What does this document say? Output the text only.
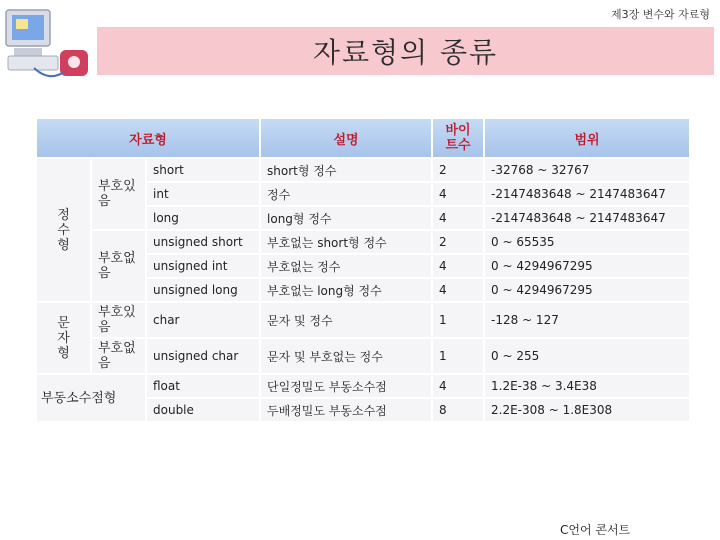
제3장 변수와 자료형
자료형의 종류
자료형			설명	바이트수	범위
정 수 형	부호있음	short	short형 정수	2	-32768 ~ 32767
		int	정수	4	-2147483648 ~ 2147483647
		long	long형 정수	4	-2147483648 ~ 2147483647
	부호없음	unsigned short	부호없는 short형 정수	2	0 ~ 65535
		unsigned int	부호없는 정수	4	0 ~ 4294967295
		unsigned long	부호없는 long형 정수	4	0 ~ 4294967295
문 자 형	부호있음	char	문자 및 정수	1	-128 ~ 127
	부호없음	unsigned char	문자 및 부호없는 정수	1	0 ~ 255
부동소수점형		float	단일정밀도 부동소수점	4	1.2E-38 ~ 3.4E38
		double	두배정밀도 부동소수점	8	2.2E-308 ~ 1.8E308
C언어 콘서트
